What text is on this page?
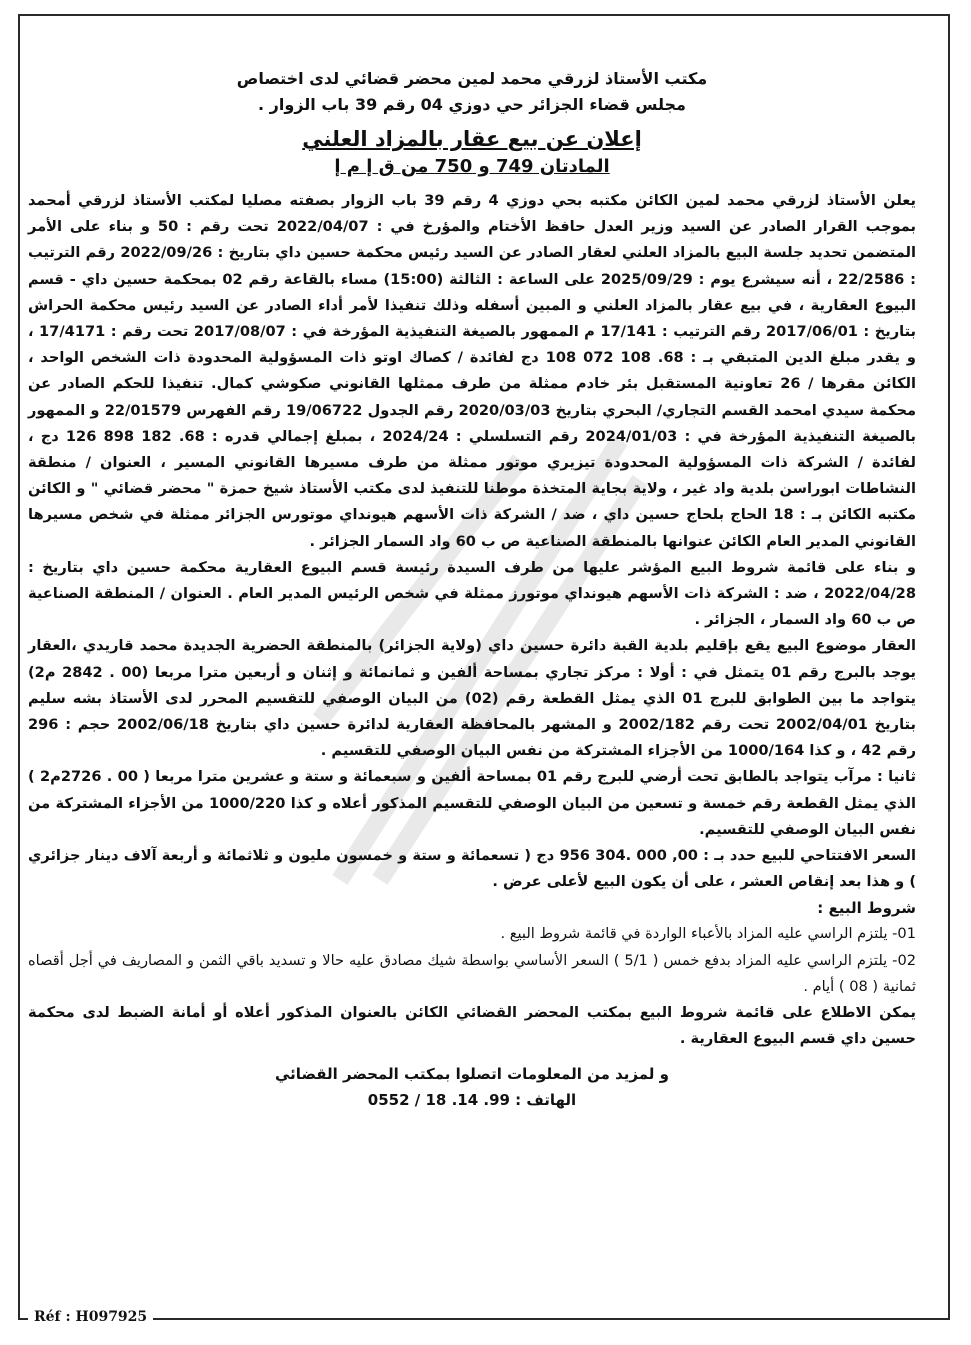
مكتب الأستاذ لزرقي محمد لمين محضر قضائي لدى اختصاص

مجلس قضاء الجزائر حي دوزي 04 رقم 39 باب الزوار .

إعلان عن بيع عقار بالمزاد العلني

المادتان 749 و 750 من ق إ م إ

يعلن الأستاذ لزرقي محمد لمين الكائن مكتبه بحي دوزي 4 رقم 39 باب الزوار بصفته مصليا لمكتب الأستاذ لزرقي أمحمد بموجب القرار الصادر عن السيد وزير العدل حافظ الأختام والمؤرخ في : 2022/04/07 تحت رقم : 50 و بناء على الأمر المتضمن تحديد جلسة البيع بالمزاد العلني لعقار الصادر عن السيد رئيس محكمة حسين داي بتاريخ : 2022/09/26 رقم الترتيب : 22/2586 ، أنه سيشرع يوم : 2025/09/29 على الساعة : الثالثة (15:00) مساء بالقاعة رقم 02 بمحكمة حسين داي - قسم البيوع العقارية ، في بيع عقار بالمزاد العلني و المبين أسفله وذلك تنفيذا لأمر أداء الصادر عن السيد رئيس محكمة الحراش بتاريخ : 2017/06/01 رقم الترتيب : 17/141 م الممهور بالصيغة التنفيذية المؤرخة في : 2017/08/07 تحت رقم : 17/4171 ، و يقدر مبلغ الدين المتبقي بـ : 68. 108 072 108 دج لفائدة / كصاك اوتو ذات المسؤولية المحدودة ذات الشخص الواحد ، الكائن مقرها / 26 تعاونية المستقبل بئر خادم ممثلة من طرف ممثلها القانوني صكوشي كمال. تنفيذا للحكم الصادر عن محكمة سيدي امحمد القسم التجاري/ البحري بتاريخ 2020/03/03 رقم الجدول 19/06722 رقم الفهرس 22/01579 و الممهور بالصيغة التنفيذية المؤرخة في : 2024/01/03 رقم التسلسلي : 2024/24 ، بمبلغ إجمالي قدره : 68. 182 898 126 دج ، لفائدة / الشركة ذات المسؤولية المحدودة تيزيري موتور ممثلة من طرف مسيرها القانوني المسير ، العنوان / منطقة النشاطات ابوراسن بلدية واد غير ، ولاية بجاية المتخذة موطنا للتنفيذ لدى مكتب الأستاذ شيخ حمزة " محضر قضائي " و الكائن مكتبه الكائن بـ : 18 الحاج بلحاج حسين داي ، ضد / الشركة ذات الأسهم هيونداي موتورس الجزائر ممثلة في شخص مسيرها القانوني المدير العام الكائن عنوانها بالمنطقة الصناعية ص ب 60 واد السمار الجزائر .

و بناء على قائمة شروط البيع المؤشر عليها من طرف السيدة رئيسة قسم البيوع العقارية محكمة حسين داي بتاريخ : 2022/04/28 ، ضد : الشركة ذات الأسهم هيونداي موتورز ممثلة في شخص الرئيس المدير العام . العنوان / المنطقة الصناعية ص ب 60 واد السمار ، الجزائر .

العقار موضوع البيع يقع بإقليم بلدية القبة دائرة حسين داي (ولاية الجزائر) بالمنطقة الحضرية الجديدة محمد قاريدي ،العقار يوجد بالبرج رقم 01 يتمثل في : أولا : مركز تجاري بمساحة ألفين و ثمانمائة و إثنان و أربعين مترا مربعا (00 . 2842 م2) يتواجد ما بين الطوابق للبرج 01 الذي يمثل القطعة رقم (02) من البيان الوصفي للتقسيم المحرر لدى الأستاذ بشه سليم بتاريخ 2002/04/01 تحت رقم 2002/182 و المشهر بالمحافظة العقارية لدائرة حسين داي بتاريخ 2002/06/18 حجم : 296 رقم 42 ، و كذا 1000/164 من الأجزاء المشتركة من نفس البيان الوصفي للتقسيم .

ثانيا : مرآب يتواجد بالطابق تحت أرضي للبرج رقم 01 بمساحة ألفين و سبعمائة و ستة و عشرين مترا مربعا ( 00 . 2726م2 ) الذي يمثل القطعة رقم خمسة و تسعين من البيان الوصفي للتقسيم المذكور أعلاه و كذا 1000/220 من الأجزاء المشتركة من نفس البيان الوصفي للتقسيم.

السعر الافتتاحي للبيع حدد بـ : 00, 000 .304 956 دج ( تسعمائة و ستة و خمسون مليون و ثلاثمائة و أربعة آلاف دينار جزائري ) و هذا بعد إنقاص العشر ، على أن يكون البيع لأعلى عرض .

شروط البيع :

01- يلتزم الراسي عليه المزاد بالأعباء الواردة في قائمة شروط البيع .

02- يلتزم الراسي عليه المزاد بدفع خمس ( 5/1 ) السعر الأساسي بواسطة شيك مصادق عليه حالا و تسديد باقي الثمن و المصاريف في أجل أقصاه ثمانية ( 08 ) أيام .

يمكن الاطلاع على قائمة شروط البيع بمكتب المحضر القضائي الكائن بالعنوان المذكور أعلاه أو أمانة الضبط لدى محكمة حسين داي قسم البيوع العقارية .

و لمزيد من المعلومات اتصلوا بمكتب المحضر القضائي

الهاتف : 99. 14. 18 / 0552

Réf : H097925
